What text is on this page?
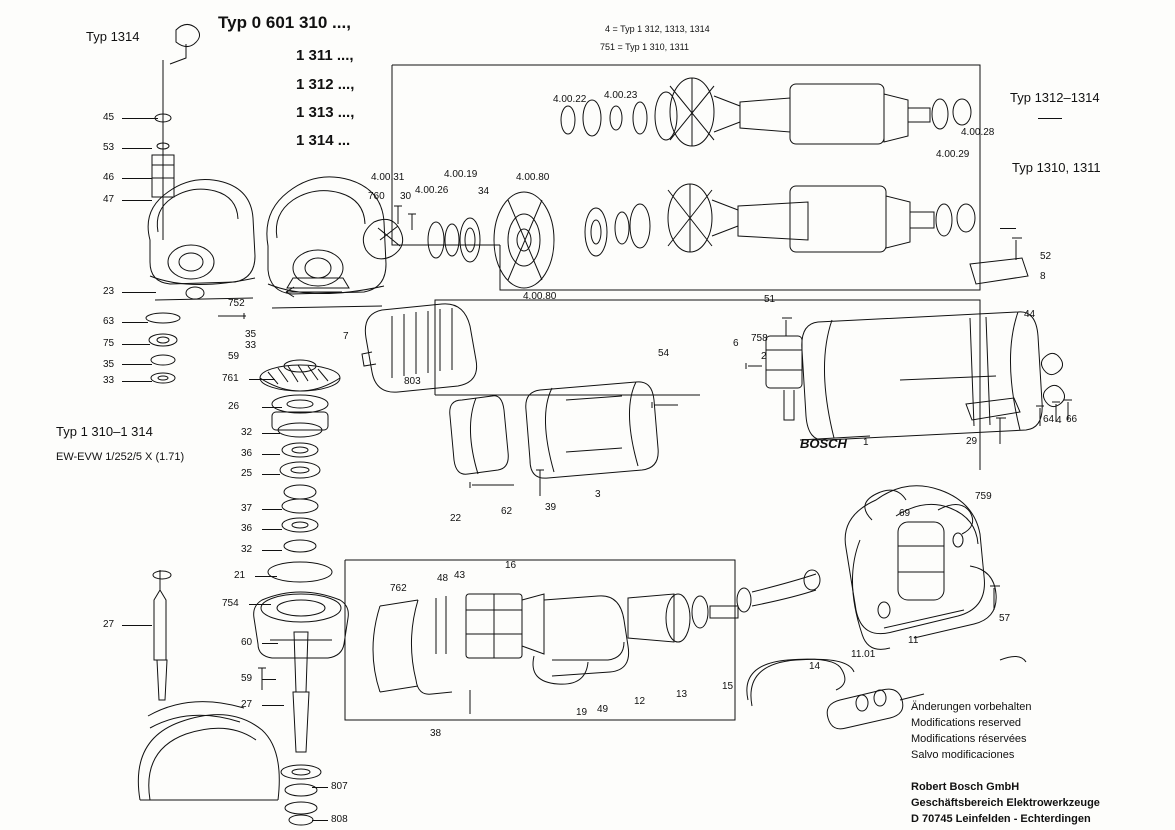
Typ 0 601 310 ...,
1 311 ...,
1 312 ...,
1 313 ...,
1 314 ...
Typ 1314
Typ 1 310–1 314
EW-EVW 1/252/5 X (1.71)
Typ 1312–1314
Typ 1310, 1311
4 = Typ 1 312, 1313, 1314
751 = Typ 1 310, 1311
BOSCH
45
53
46
47
23
63
75
35
33
27
752
35
59
33
761
26
32
36
25
37
36
32
21
754
60
59
27
807
808
7
803
760 30
4.00.31
4.00.26
4.00.19
34
4.00.80
4.00.80
4.00.22 4.00.23
4.00.28
4.00.29
52
8
44
51
758
6
2
54
64 4 66
1	29
22
62	39
3
762
48 43
16
38
19 49
12
13
15
14
11.01
11
69
759
57
Änderungen vorbehalten
Modifications reserved
Modifications réservées
Salvo modificaciones
Robert Bosch GmbH
Geschäftsbereich Elektrowerkzeuge
D 70745 Leinfelden - Echterdingen
